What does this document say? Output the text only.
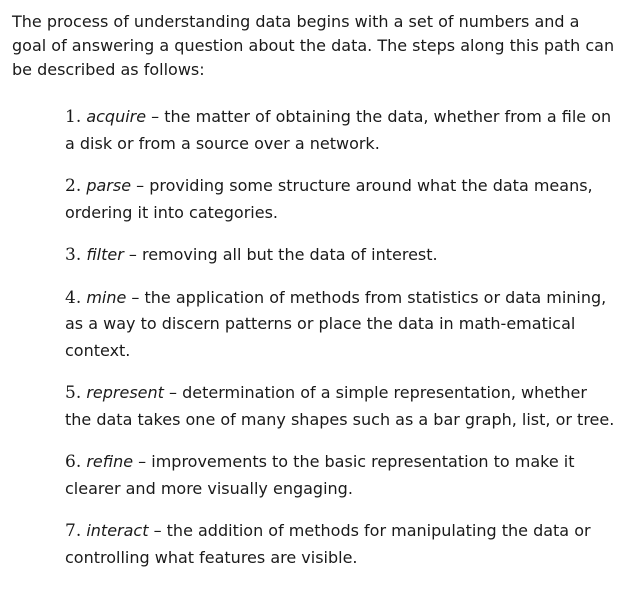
The process of understanding data begins with a set of numbers and a goal of answering a question about the data. The steps along this path can be described as follows:

1. acquire – the matter of obtaining the data, whether from a file on a disk or from a source over a network.
2. parse – providing some structure around what the data means, ordering it into categories.
3. filter – removing all but the data of interest.
4. mine – the application of methods from statistics or data mining, as a way to discern patterns or place the data in math-ematical context.
5. represent – determination of a simple representation, whether the data takes one of many shapes such as a bar graph, list, or tree.
6. refine – improvements to the basic representation to make it clearer and more visually engaging.
7. interact – the addition of methods for manipulating the data or controlling what features are visible.
